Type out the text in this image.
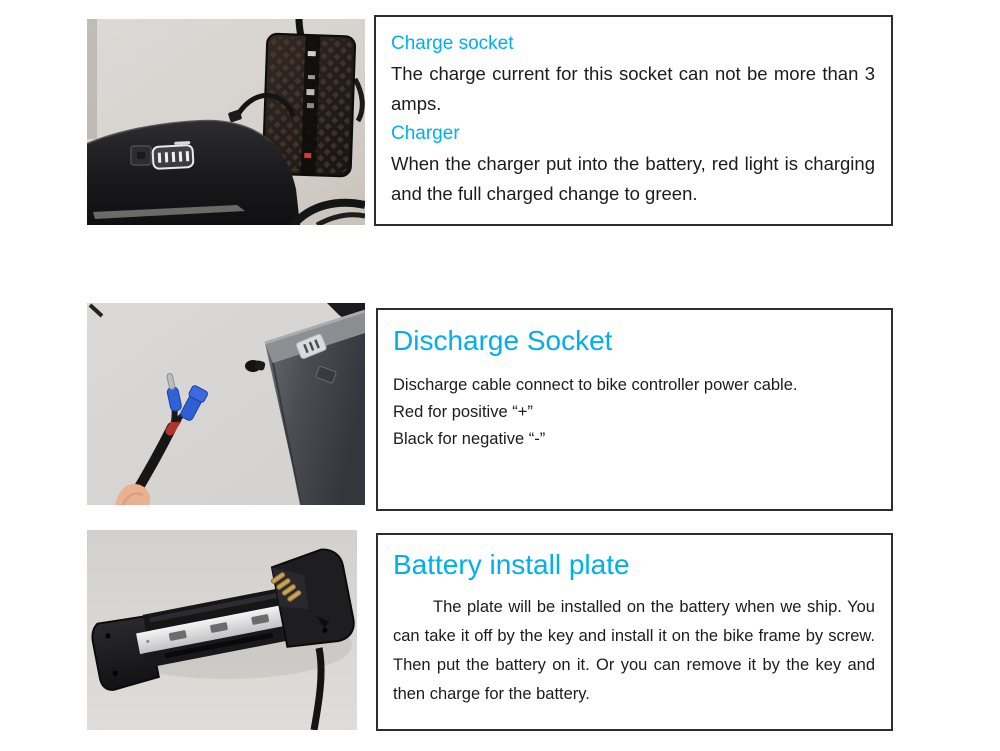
Charge socket
The charge current for this socket can not be more than 3 amps.
Charger
When the charger put into the battery, red light is charging and the full charged change to green.
Discharge Socket
Discharge cable connect to bike controller power cable.
Red for positive “+”
Black for negative “-”
Battery install plate
The plate will be installed on the battery when we ship. You can take it off by the key and install it on the bike frame by screw. Then put the battery on it. Or you can remove it by the key and then charge for the battery.
